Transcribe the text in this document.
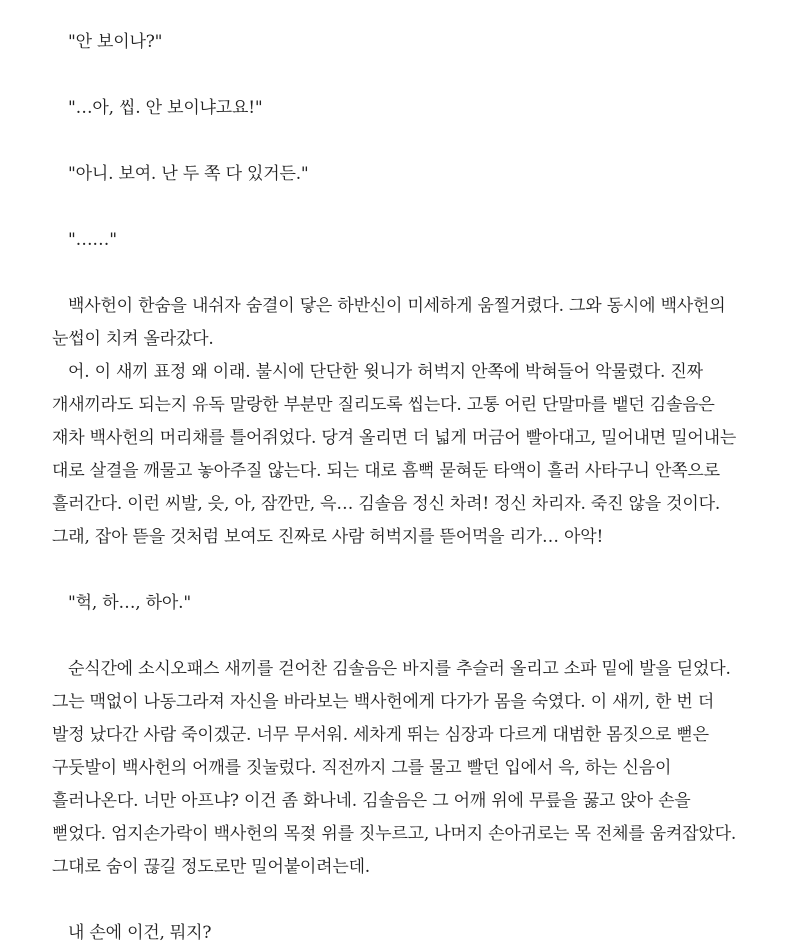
"안 보이나?"

"…아, 씹. 안 보이냐고요!"

"아니. 보여. 난 두 쪽 다 있거든."

"……"

백사헌이 한숨을 내쉬자 숨결이 닿은 하반신이 미세하게 움찔거렸다. 그와 동시에 백사헌의 눈썹이 치켜 올라갔다.

어. 이 새끼 표정 왜 이래. 불시에 단단한 윗니가 허벅지 안쪽에 박혀들어 악물렸다. 진짜 개새끼라도 되는지 유독 말랑한 부분만 질리도록 씹는다. 고통 어린 단말마를 뱉던 김솔음은 재차 백사헌의 머리채를 틀어쥐었다. 당겨 올리면 더 넓게 머금어 빨아대고, 밀어내면 밀어내는 대로 살결을 깨물고 놓아주질 않는다. 되는 대로 흠뻑 묻혀둔 타액이 흘러 사타구니 안쪽으로 흘러간다. 이런 씨발, 읏, 아, 잠깐만, 윽… 김솔음 정신 차려! 정신 차리자. 죽진 않을 것이다. 그래, 잡아 뜯을 것처럼 보여도 진짜로 사람 허벅지를 뜯어먹을 리가… 아악!

"헉, 하…, 하아."

순식간에 소시오패스 새끼를 걷어찬 김솔음은 바지를 추슬러 올리고 소파 밑에 발을 딛었다. 그는 맥없이 나동그라져 자신을 바라보는 백사헌에게 다가가 몸을 숙였다. 이 새끼, 한 번 더 발정 났다간 사람 죽이겠군. 너무 무서워. 세차게 뛰는 심장과 다르게 대범한 몸짓으로 뻗은 구둣발이 백사헌의 어깨를 짓눌렀다. 직전까지 그를 물고 빨던 입에서 윽, 하는 신음이 흘러나온다. 너만 아프냐? 이건 좀 화나네. 김솔음은 그 어깨 위에 무릎을 꿇고 앉아 손을 뻗었다. 엄지손가락이 백사헌의 목젖 위를 짓누르고, 나머지 손아귀로는 목 전체를 움켜잡았다. 그대로 숨이 끊길 정도로만 밀어붙이려는데.

내 손에 이건, 뭐지?
